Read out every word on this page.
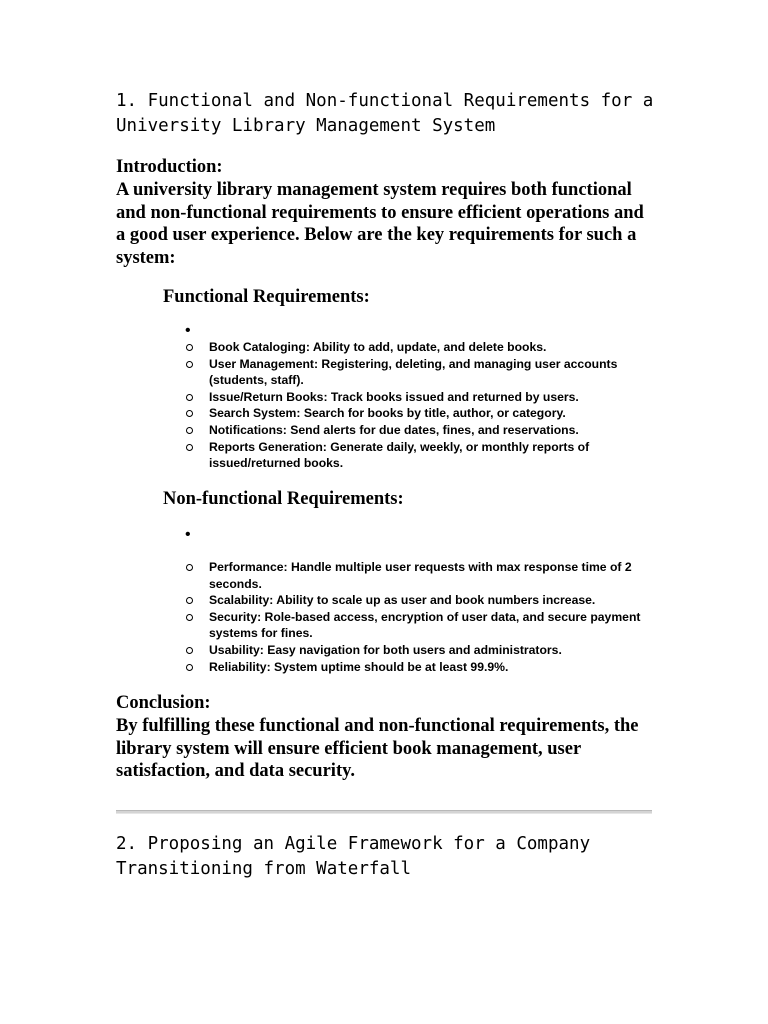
1. Functional and Non-functional Requirements for a University Library Management System

Introduction:

A university library management system requires both functional and non-functional requirements to ensure efficient operations and a good user experience. Below are the key requirements for such a system:

Functional Requirements:
•
Book Cataloging: Ability to add, update, and delete books.
User Management: Registering, deleting, and managing user accounts (students, staff).
Issue/Return Books: Track books issued and returned by users.
Search System: Search for books by title, author, or category.
Notifications: Send alerts for due dates, fines, and reservations.
Reports Generation: Generate daily, weekly, or monthly reports of issued/returned books.
Non-functional Requirements:
•
Performance: Handle multiple user requests with max response time of 2 seconds.
Scalability: Ability to scale up as user and book numbers increase.
Security: Role-based access, encryption of user data, and secure payment systems for fines.
Usability: Easy navigation for both users and administrators.
Reliability: System uptime should be at least 99.9%.

Conclusion:

By fulfilling these functional and non-functional requirements, the library system will ensure efficient book management, user satisfaction, and data security.

2. Proposing an Agile Framework for a Company Transitioning from Waterfall
